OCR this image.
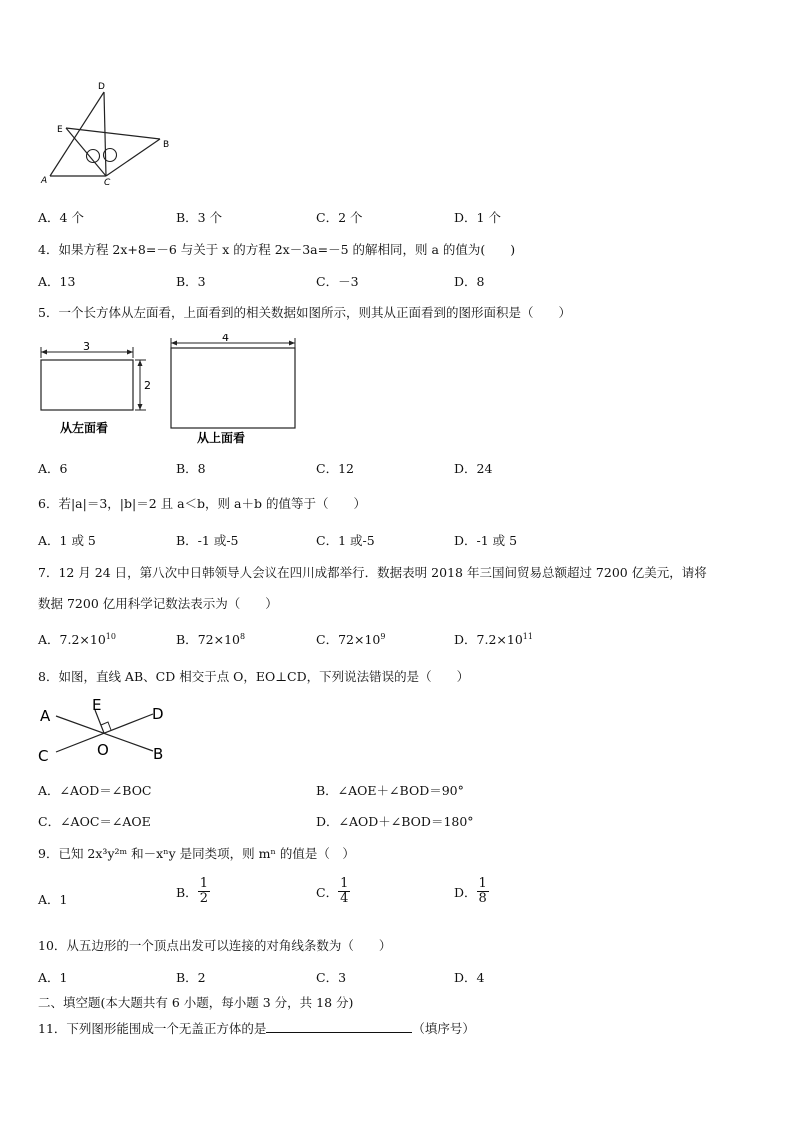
D
E
B
A	C
A．4 个	B．3 个	C．2 个	D．1 个
4．如果方程 2x+8=－6 与关于 x 的方程 2x－3a=－5 的解相同，则 a 的值为(　　)
A．13	B．3	C．－3	D．8
5．一个长方体从左面看，上面看到的相关数据如图所示，则其从正面看到的图形面积是（　　）
3
2
从左面看
4
从上面看
A．6	B．8	C．12	D．24
6．若|a|＝3，|b|＝2 且 a＜b，则 a＋b 的值等于（　　）
A．1 或 5	B．-1 或-5	C．1 或-5	D．-1 或 5
7．12 月 24 日，第八次中日韩领导人会议在四川成都举行．数据表明 2018 年三国间贸易总额超过 7200 亿美元，请将
数据 7200 亿用科学记数法表示为（　　）
A．$7.2\times 10^{10}$	B．$72\times 10^8$	C．$72\times 10^9$	D．$7.2\times 10^{11}$
8．如图，直线 AB、CD 相交于点 O，EO⊥CD，下列说法错误的是（　　）
A
E	D
C	O	B
A．∠AOD＝∠BOC	B．∠AOE＋∠BOD＝90°
C．∠AOC＝∠AOE	D．∠AOD＋∠BOD＝180°
9．已知 2x³y²ᵐ 和－xⁿy 是同类项，则 mⁿ 的值是（　）
A．1	B． $\frac{1}{2}$	C． $\frac{1}{4}$	D． $\frac{1}{8}$
10．从五边形的一个顶点出发可以连接的对角线条数为（　　）
A．1	B．2	C．3	D．4
二、填空题(本大题共有 6 小题，每小题 3 分，共 18 分)
11．下列图形能围成一个无盖正方体的是	（填序号）
